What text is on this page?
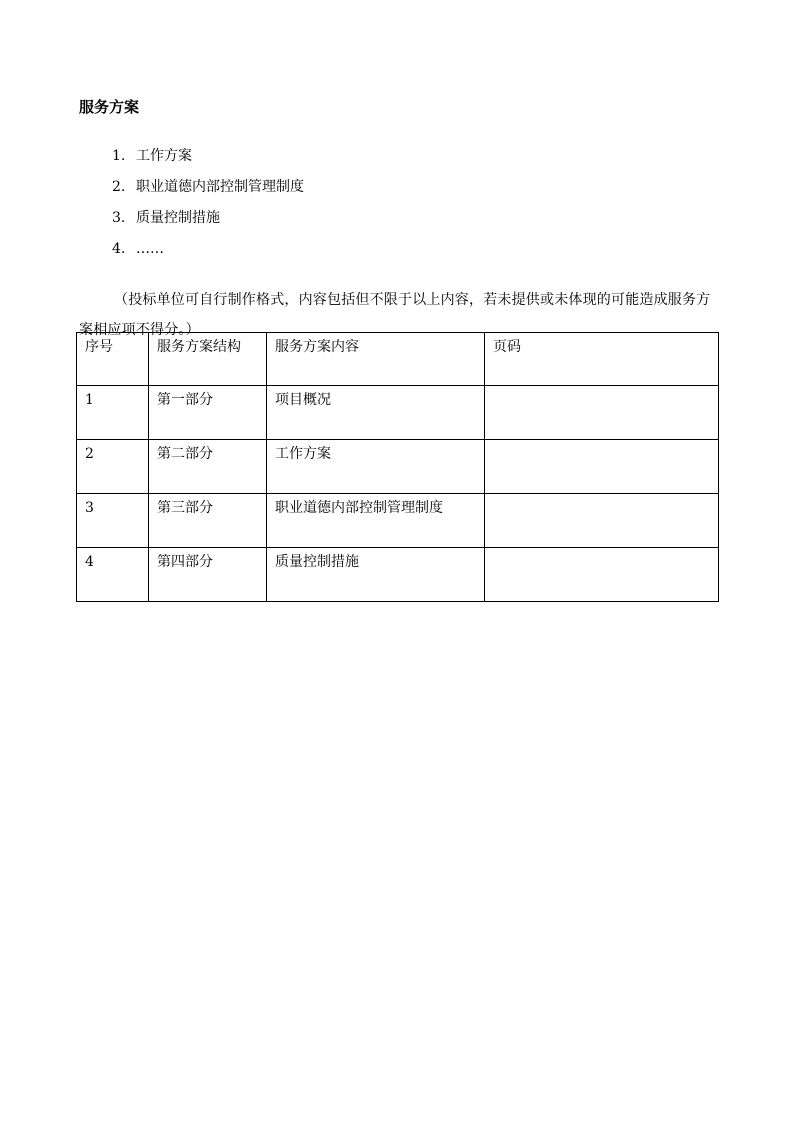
服务方案
1. 工作方案
2. 职业道德内部控制管理制度
3. 质量控制措施
4. ……

（投标单位可自行制作格式，内容包括但不限于以上内容，若未提供或未体现的可能造成服务方案相应项不得分。）

序号	服务方案结构	服务方案内容	页码
1	第一部分	项目概况	
2	第二部分	工作方案	
3	第三部分	职业道德内部控制管理制度	
4	第四部分	质量控制措施	
